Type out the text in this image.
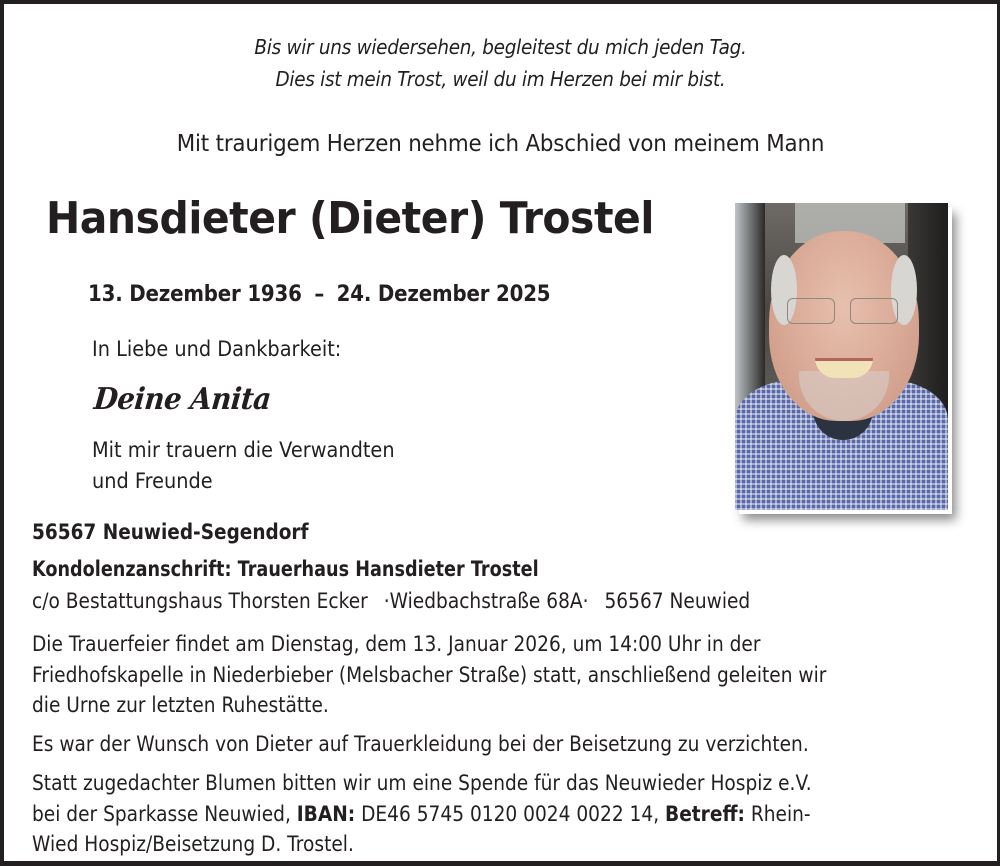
Bis wir uns wiedersehen, begleitest du mich jeden Tag.
Dies ist mein Trost, weil du im Herzen bei mir bist.
Mit traurigem Herzen nehme ich Abschied von meinem Mann
Hansdieter (Dieter) Trostel
13. Dezember 1936 – 24. Dezember 2025
In Liebe und Dankbarkeit:
Deine Anita
Mit mir trauern die Verwandten
und Freunde
56567 Neuwied-Segendorf
Kondolenzanschrift: Trauerhaus Hansdieter Trostel
c/o Bestattungshaus Thorsten Ecker ·Wiedbachstraße 68A· 56567 Neuwied
Die Trauerfeier findet am Dienstag, dem 13. Januar 2026, um 14:00 Uhr in der
Friedhofskapelle in Niederbieber (Melsbacher Straße) statt, anschließend geleiten wir
die Urne zur letzten Ruhestätte.
Es war der Wunsch von Dieter auf Trauerkleidung bei der Beisetzung zu verzichten.
Statt zugedachter Blumen bitten wir um eine Spende für das Neuwieder Hospiz e.V.
bei der Sparkasse Neuwied, IBAN: DE46 5745 0120 0024 0022 14, Betreff: Rhein-
Wied Hospiz/Beisetzung D. Trostel.
